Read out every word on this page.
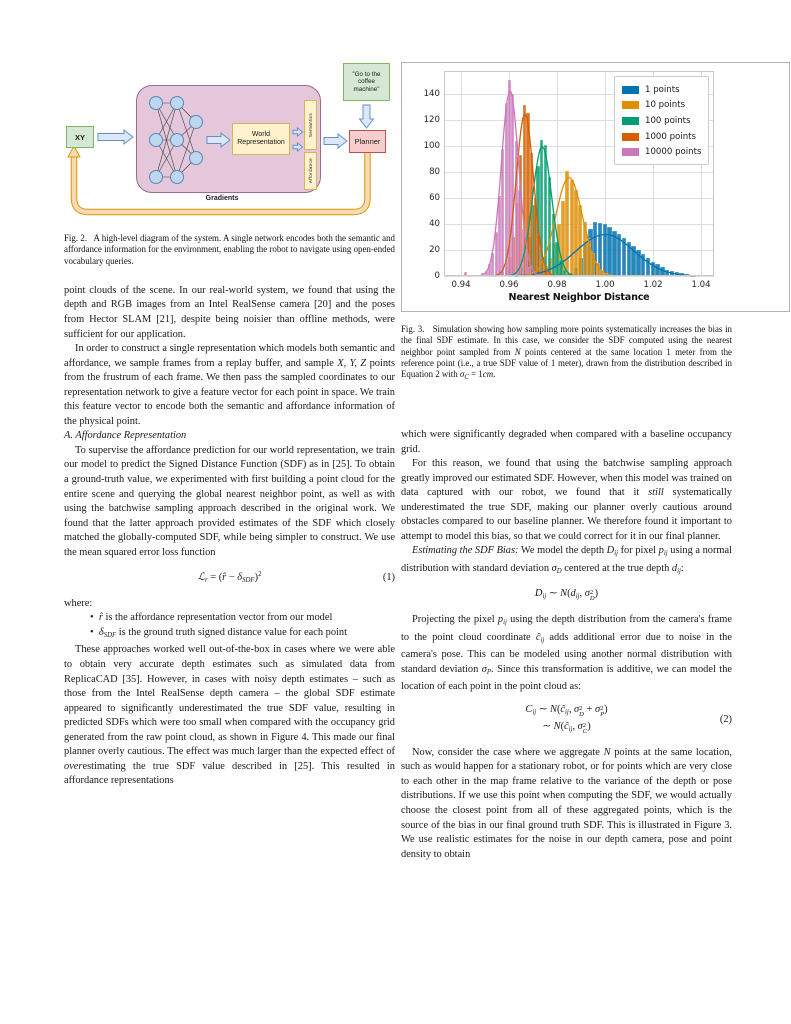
"Go to the coffee machine"
XY	World Representation
Semantics
Affordance
Planner
Gradients
Fig. 2.   A high-level diagram of the system. A single network encodes both the semantic and affordance information for the environment, enabling the robot to navigate using open-ended vocabulary queries.

point clouds of the scene. In our real-world system, we found that using the depth and RGB images from an Intel RealSense camera [20] and the poses from Hector SLAM [21], despite being noisier than offline methods, were sufficient for our application.

In order to construct a single representation which models both semantic and affordance, we sample frames from a replay buffer, and sample X, Y, Z points from the frustrum of each frame. We then pass the sampled coordinates to our representation network to give a feature vector for each point in space. We train this feature vector to encode both the semantic and affordance information of the physical point.

A. Affordance Representation

To supervise the affordance prediction for our world representation, we train our model to predict the Signed Distance Function (SDF) as in [25]. To obtain a ground-truth value, we experimented with first building a point cloud for the entire scene and querying the global nearest neighbor point, as well as with using the batchwise sampling approach described in the original work. We found that the latter approach provided estimates of the SDF which closely matched the globally-computed SDF, while being simpler to construct. We use the mean squared error loss function

ℒr = (r̂ − δSDF)$^2$	(1)

where:

•  r̂ is the affordance representation vector from our model

•  δSDF is the ground truth signed distance value for each point

These approaches worked well out-of-the-box in cases where we were able to obtain very accurate depth estimates such as simulated data from ReplicaCAD [35]. However, in cases with noisy depth estimates – such as those from the Intel RealSense depth camera – the global SDF estimate appeared to significantly underestimated the true SDF value, resulting in predicted SDFs which were too small when compared with the occupancy grid generated from the raw point cloud, as shown in Figure 4. This made our final planner overly cautious. The effect was much larger than the expected effect of overestimating the true SDF value described in [25]. This resulted in affordance representations

0
20
40
60
80
100
120
140
0.94	0.96	0.98	1.00	1.02	1.04
Nearest Neighbor Distance
1 points
10 points
100 points
1000 points
10000 points
Fig. 3.   Simulation showing how sampling more points systematically increases the bias in the final SDF estimate. In this case, we consider the SDF computed using the nearest neighbor point sampled from N points centered at the same location 1 meter from the reference point (i.e., a true SDF value of 1 meter), drawn from the distribution described in Equation 2 with $\sigma_C = 1cm$.

which were significantly degraded when compared with a baseline occupancy grid.

For this reason, we found that using the batchwise sampling approach greatly improved our estimated SDF. However, when this model was trained on data captured with our robot, we found that it still systematically underestimated the true SDF, making our planner overly cautious around obstacles compared to our baseline planner. We therefore found it important to attempt to model this bias, so that we could correct for it in our final planner.

Estimating the SDF Bias: We model the depth Dij for pixel pij using a normal distribution with standard deviation σD centered at the true depth dij:

Dij ∼ N(dij, σ 2
D )

Projecting the pixel pij using the depth distribution from the camera's frame to the point cloud coordinate ĉij adds additional error due to noise in the camera's pose. This can be modeled using another normal distribution with standard deviation σP. Since this transformation is additive, we can model the location of each point in the point cloud as:

Cij ∼ N(ĉij, σ 2
D + σ 2
P )
∼ N(ĉij, σ 2
C )
(2)

Now, consider the case where we aggregate N points at the same location, such as would happen for a stationary robot, or for points which are very close to each other in the map frame relative to the variance of the depth or pose distributions. If we use this point when computing the SDF, we would actually choose the closest point from all of these aggregated points, which is the source of the bias in our final ground truth SDF. This is illustrated in Figure 3. We use realistic estimates for the noise in our depth camera, pose and point density to obtain
